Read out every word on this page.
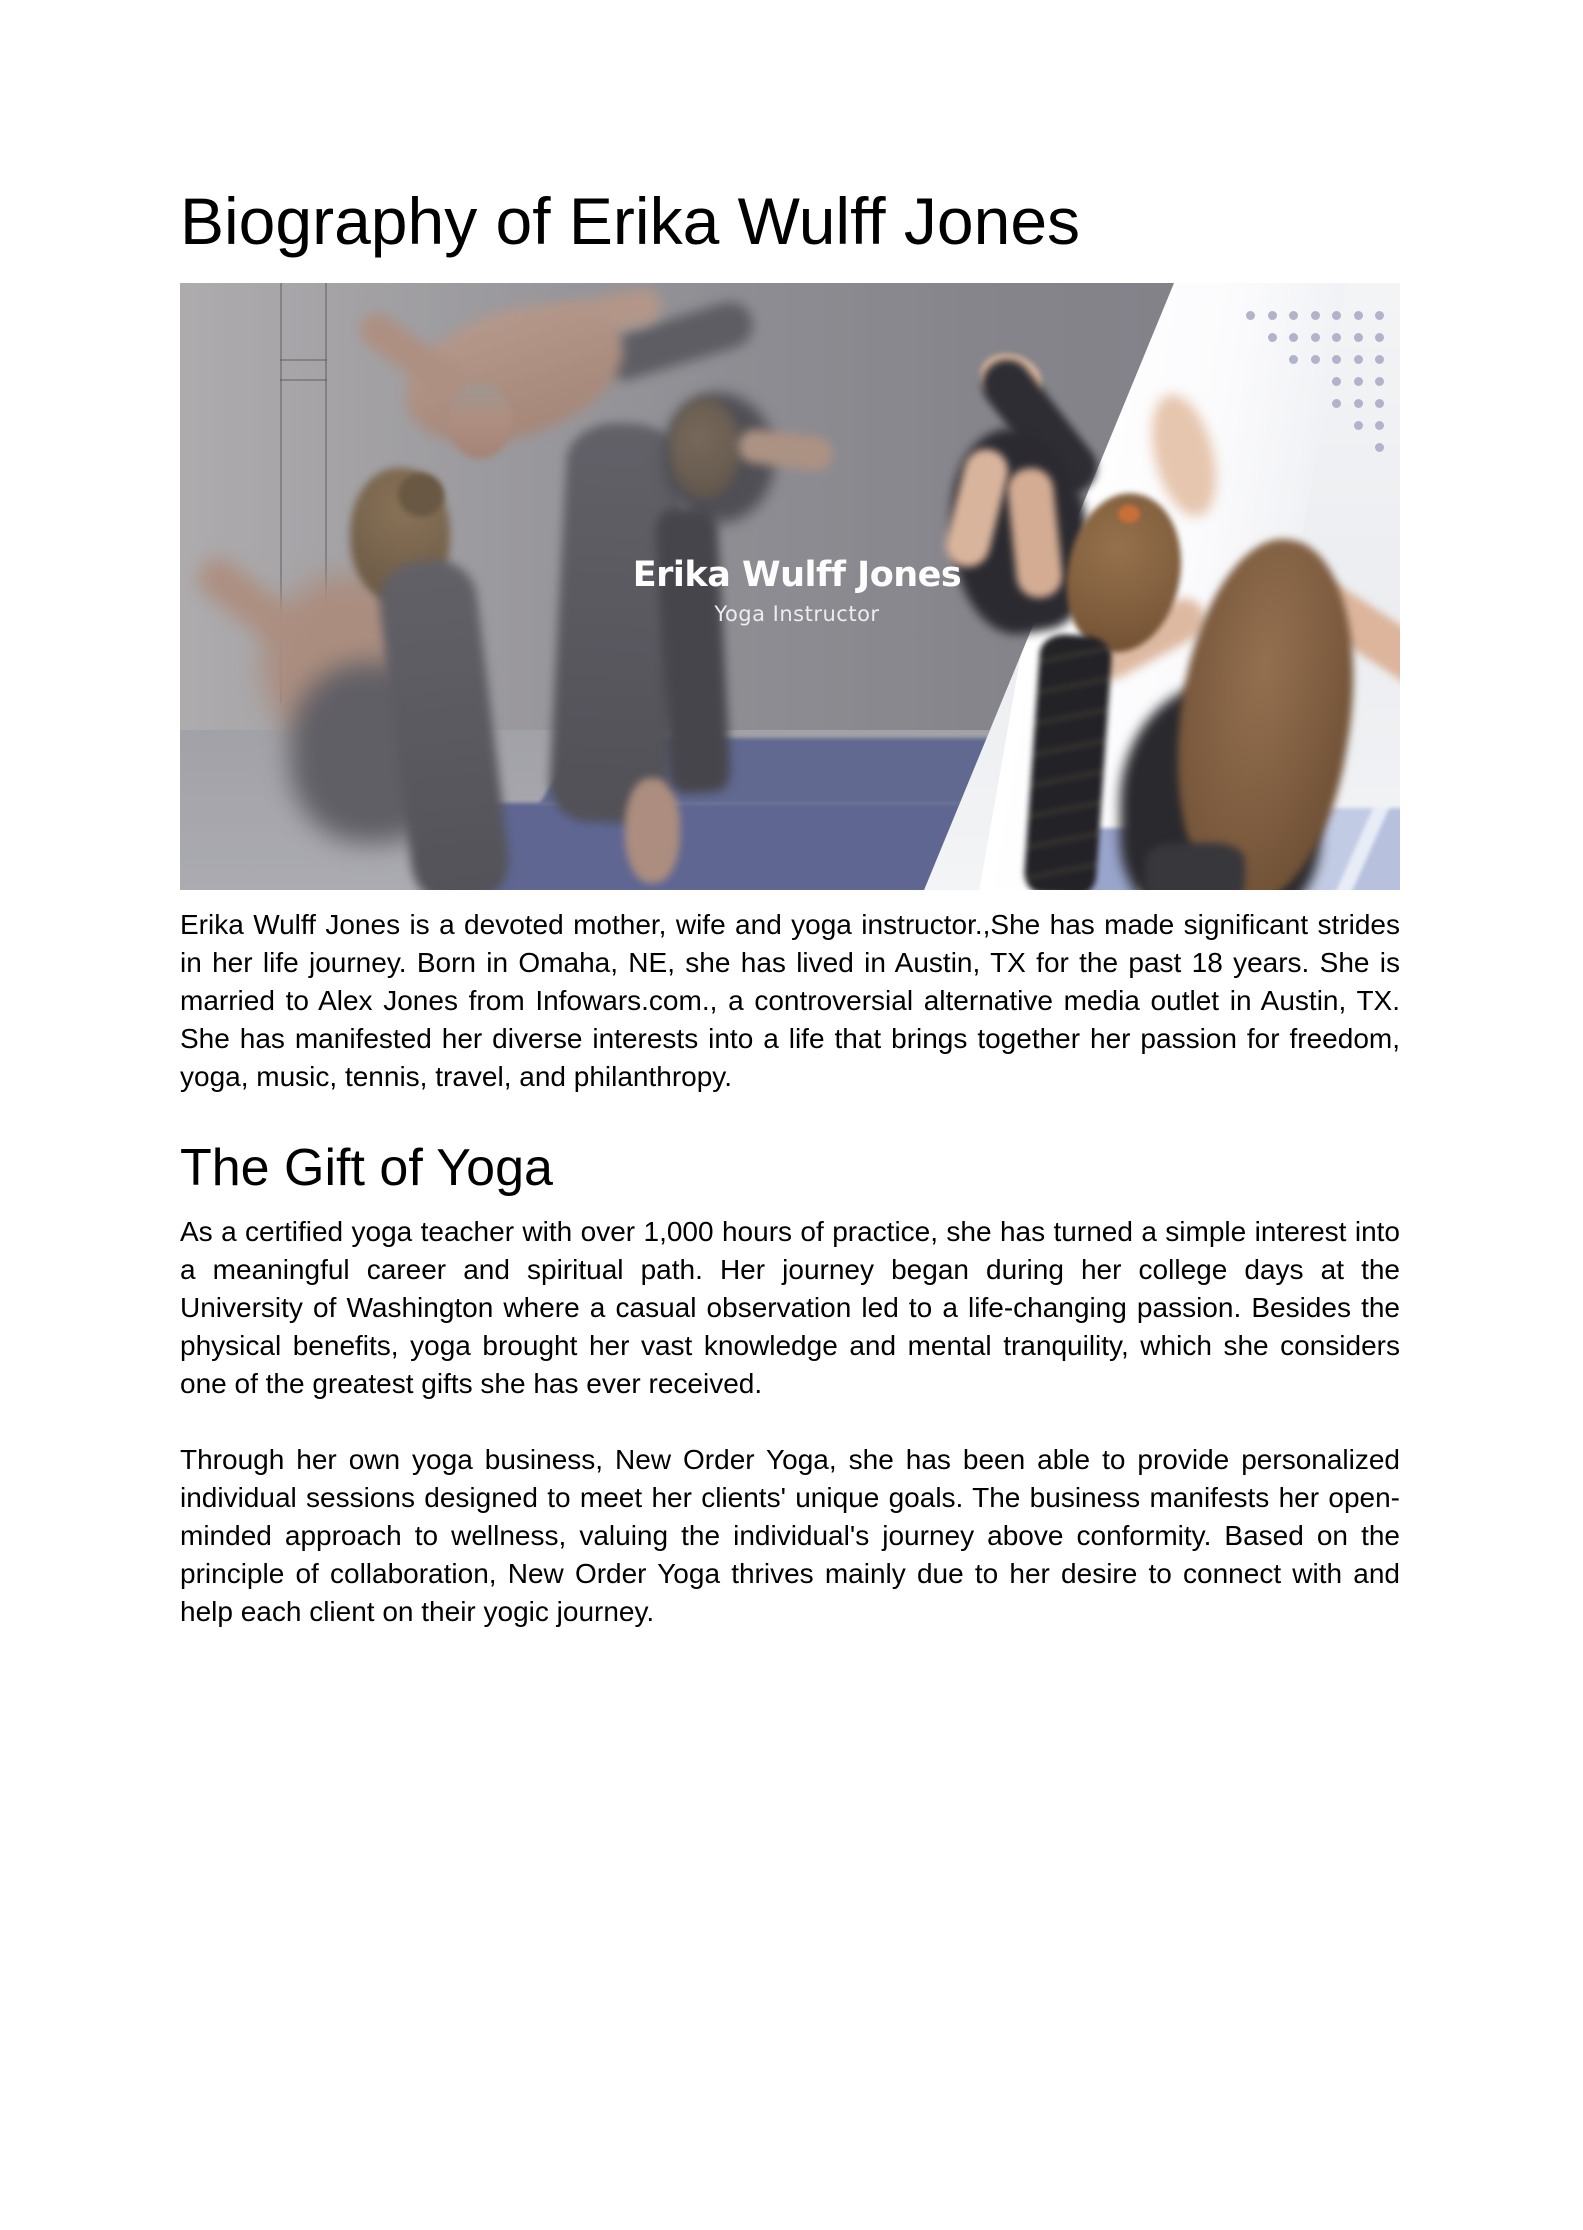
Biography of Erika Wulff Jones
Erika Wulff Jones
Yoga Instructor

Erika Wulff Jones is a devoted mother, wife and yoga instructor.,She has made significant strides in her life journey. Born in Omaha, NE, she has lived in Austin, TX for the past 18 years. She is married to Alex Jones from Infowars.com., a controversial alternative media outlet in Austin, TX. She has manifested her diverse interests into a life that brings together her passion for freedom, yoga, music, tennis, travel, and philanthropy.

The Gift of Yoga

As a certified yoga teacher with over 1,000 hours of practice, she has turned a simple interest into a meaningful career and spiritual path. Her journey began during her college days at the University of Washington where a casual observation led to a life-changing passion. Besides the physical benefits, yoga brought her vast knowledge and mental tranquility, which she considers one of the greatest gifts she has ever received.

Through her own yoga business, New Order Yoga, she has been able to provide personalized individual sessions designed to meet her clients' unique goals. The business manifests her open-minded approach to wellness, valuing the individual's journey above conformity. Based on the principle of collaboration, New Order Yoga thrives mainly due to her desire to connect with and help each client on their yogic journey.
